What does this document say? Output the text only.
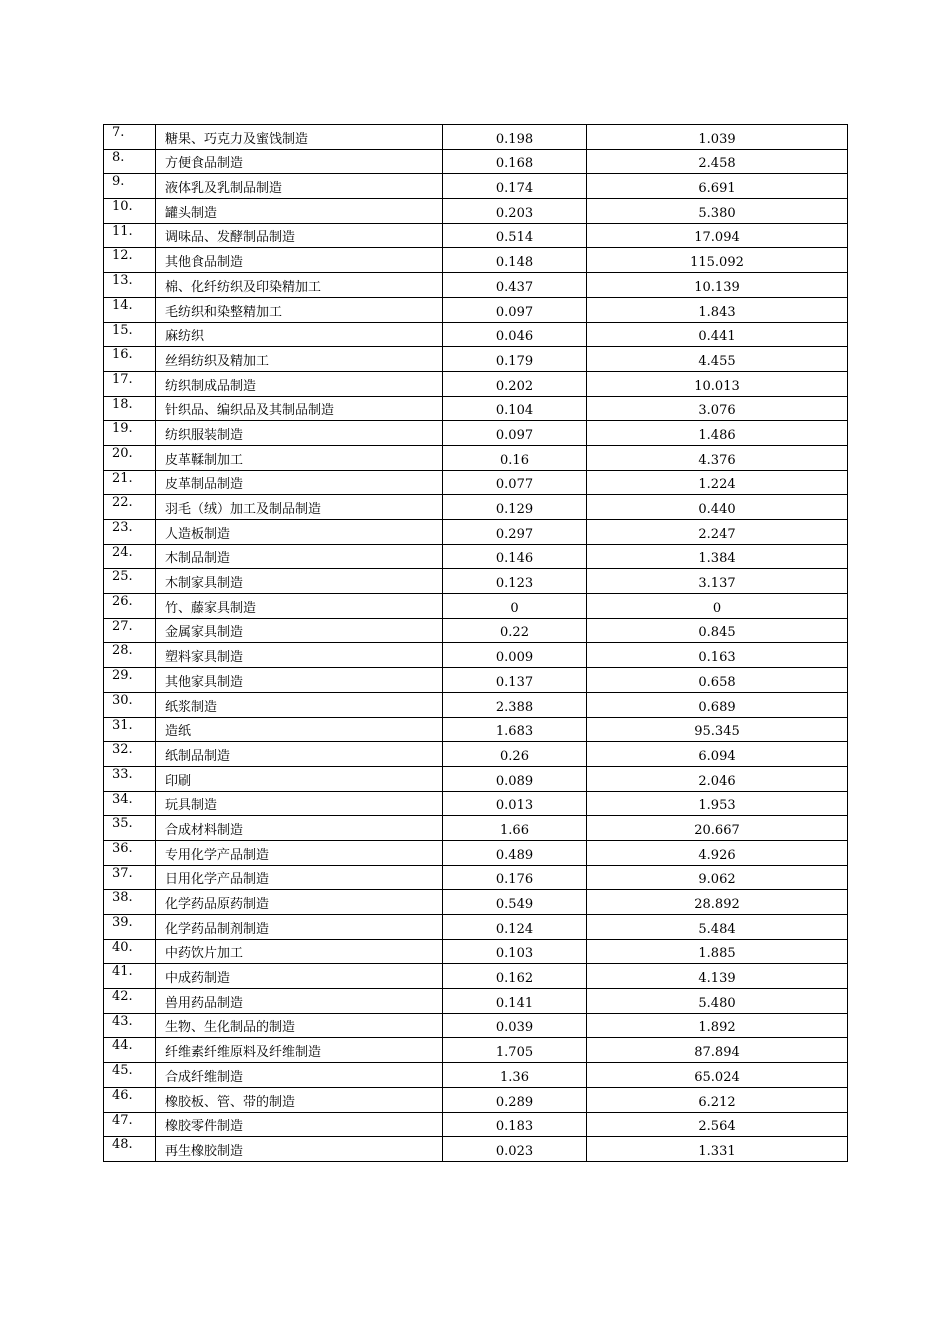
7.	糖果、巧克力及蜜饯制造	0.198	1.039
8.	方便食品制造	0.168	2.458
9.	液体乳及乳制品制造	0.174	6.691
10.	罐头制造	0.203	5.380
11.	调味品、发酵制品制造	0.514	17.094
12.	其他食品制造	0.148	115.092
13.	棉、化纤纺织及印染精加工	0.437	10.139
14.	毛纺织和染整精加工	0.097	1.843
15.	麻纺织	0.046	0.441
16.	丝绢纺织及精加工	0.179	4.455
17.	纺织制成品制造	0.202	10.013
18.	针织品、编织品及其制品制造	0.104	3.076
19.	纺织服装制造	0.097	1.486
20.	皮革鞣制加工	0.16	4.376
21.	皮革制品制造	0.077	1.224
22.	羽毛（绒）加工及制品制造	0.129	0.440
23.	人造板制造	0.297	2.247
24.	木制品制造	0.146	1.384
25.	木制家具制造	0.123	3.137
26.	竹、藤家具制造	0	0
27.	金属家具制造	0.22	0.845
28.	塑料家具制造	0.009	0.163
29.	其他家具制造	0.137	0.658
30.	纸浆制造	2.388	0.689
31.	造纸	1.683	95.345
32.	纸制品制造	0.26	6.094
33.	印刷	0.089	2.046
34.	玩具制造	0.013	1.953
35.	合成材料制造	1.66	20.667
36.	专用化学产品制造	0.489	4.926
37.	日用化学产品制造	0.176	9.062
38.	化学药品原药制造	0.549	28.892
39.	化学药品制剂制造	0.124	5.484
40.	中药饮片加工	0.103	1.885
41.	中成药制造	0.162	4.139
42.	兽用药品制造	0.141	5.480
43.	生物、生化制品的制造	0.039	1.892
44.	纤维素纤维原料及纤维制造	1.705	87.894
45.	合成纤维制造	1.36	65.024
46.	橡胶板、管、带的制造	0.289	6.212
47.	橡胶零件制造	0.183	2.564
48.	再生橡胶制造	0.023	1.331
